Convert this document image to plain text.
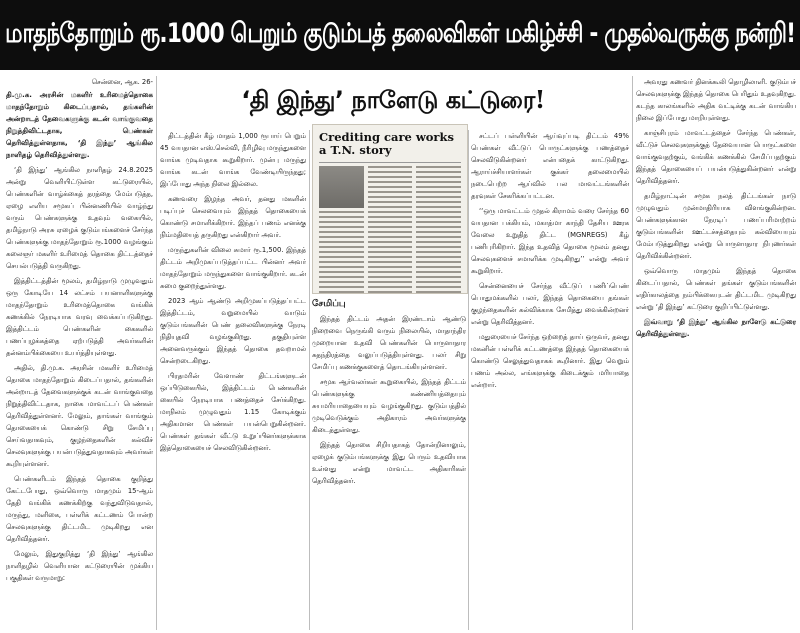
மாதந்தோறும் ரூ.1000 பெறும் குடும்பத் தலைவிகள் மகிழ்ச்சி - முதல்வருக்கு நன்றி!
‘தி இந்து’
நாளேடு கட்டுரை!

சென்னை, ஆக. 26-

தி.மு.க. அரசின் மகளிர் உரிமைத்தொகை மாதந்தோறும் கிடைப்பதால், தங்களின் அன்றாடத் தேவைகளுக்கு கடன் வாங்குவதை நிறுத்திவிட்டதாக, பெண்கள் தெரிவித்துள்ளதாக, ‘தி இந்து’ ஆங்கில நாளிதழ் தெரிவித்துள்ளது.

‘தி இந்து’ ஆங்கில நாளிதழ் 24.8.2025 அன்று வெளியிட்டுள்ள கட்டுரையில், பெண்களின் வாழ்க்கைத் தரத்தை மேம்படுத்த, ஏழை எளிய சமூகப் பின்னணியில் வாழ்ந்து வரும் பெண்களுக்கு உதவும் வகையில், தமிழ்நாடு அரசு ஏழைக் குடும்பங்களைச் சேர்ந்த பெண்களுக்கு மாதந்தோறும் ரூ.1000 வழங்கும் கலைஞர் மகளிர் உரிமைத் தொகை திட்டத்தைச் செயல்படுத்தி வருகிறது.

இத்திட்டத்தின் மூலம், தமிழ்நாடு முழுவதும் ஒரு கோடியே 14 லட்சம் பயனாளிகளுக்கு மாதந்தோறும் உரிமைத்தொகை வங்கிக் கணக்கில் நேரடியாக வரவு வைக்கப்படுகிறது. இத்திட்டம் பெண்களின் கைகளில் பணப்புழக்கத்தை ஏற்படுத்தி அவர்களின் தன்னம்பிக்கையை உயர்த்தியுள்ளது.

அதில், தி.மு.க. அரசின் மகளிர் உரிமைத் தொகை மாதந்தோறும் கிடைப்பதால், தங்களின் அன்றாடத் தேவைகளுக்குக் கடன் வாங்குவதை நிறுத்திவிட்டதாக, நாகை மாவட்டப் பெண்கள் தெரிவித்துள்ளனர். மேலும், தாங்கள் வாங்கும் தொகையைக் கொண்டு சிறு சேமிப்பு செய்வதாகவும், குழந்தைகளின் கல்விச் செலவுகளுக்கு பயன்படுத்துவதாகவும் அவர்கள் கூறியுள்ளனர்.

பெண்களிடம் இந்தத் தொகை குறித்து கேட்டபோது, ஒவ்வொரு மாதமும் 15-ஆம் தேதி வங்கிக் கணக்கிற்கு வந்துவிடுவதால், மருந்து, மளிகை, பள்ளிக் கட்டணம் போன்ற செலவுகளுக்கு திட்டமிட முடிகிறது என தெரிவித்தனர்.

மேலும், இதுகுறித்து ‘தி இந்து’ ஆங்கில நாளிதழில் வெளியான கட்டுரையின் முக்கிய பகுதிகள் வருமாறு:

திட்டத்தின் கீழ் மாதம் 1,000 ரூபாய் பெறும் 45 வயதான எஸ்.செல்வி, நீரிழிவு மருந்துகளை வாங்க முடிவதாக கூறுகிறார். முன்பு மருந்து வாங்க கடன் வாங்க வேண்டியிருந்தது; இப்போது அந்த நிலை இல்லை.

கணவரை இழந்த அவர், தனது மகளின் படிப்புச் செலவையும் இந்தத் தொகையைக் கொண்டு சமாளிக்கிறார். இந்தப் பணம் எனக்கு நிம்மதியைத் தருகிறது என்கிறார் அவர்.

மருந்துகளின் விலை சுமார் ரூ.1,500. இந்தத் திட்டம் அறிமுகப்படுத்தப்பட்ட பின்னர் அவர் மாதந்தோறும் மருந்துகளை வாங்குகிறார். கடன் சுமை குறைந்துள்ளது.

2023 ஆம் ஆண்டு அறிமுகப்படுத்தப்பட்ட இத்திட்டம், வறுமையில் வாடும் குடும்பங்களின் பெண் தலைவிகளுக்கு நேரடி நிதியுதவி வழங்குகிறது. தகுதியுள்ள அனைவருக்கும் இந்தத் தொகை தவறாமல் சென்றடைகிறது.

பிரதமரின் வேளாண் திட்டங்களுடன் ஒப்பிடுகையில், இத்திட்டம் பெண்களின் கையில் நேரடியாக பணத்தைச் சேர்க்கிறது. மாநிலம் முழுவதும் 1.15 கோடிக்கும் அதிகமான பெண்கள் பயன்பெறுகின்றனர். பெண்கள் தங்கள் வீட்டு உறுப்பினர்களுக்காக இத்தொகையைச் செலவிடுகின்றனர்.

Crediting care works a T.N. story

சேமிப்பு

இந்தத் திட்டம் அதன் இரண்டாம் ஆண்டு நிறைவை நெருங்கி வரும் நிலையில், மாதாந்திர முறையான உதவி பெண்களின் பொருளாதார சுதந்திரத்தை வலுப்படுத்தியுள்ளது. பலர் சிறு சேமிப்பு கணக்குகளைத் தொடங்கியுள்ளனர்.

சமூக ஆர்வலர்கள் கூறுகையில், இந்தத் திட்டம் பெண்களுக்கு கண்ணியத்தையும் சுயமரியாதையையும் வழங்குகிறது. குடும்பத்தில் முடிவெடுக்கும் அதிகாரம் அவர்களுக்கு கிடைத்துள்ளது.

இந்தத் தொகை சிறியதாகத் தோன்றினாலும், ஏழைக் குடும்பங்களுக்கு இது பெரும் உதவியாக உள்ளது என்று மாவட்ட அதிகாரிகள் தெரிவித்தனர்.

சட்டப் பள்ளியின் ஆய்வுப்படி திட்டம் 49% பெண்கள் வீட்டுப் பொருட்களுக்கு பணத்தைச் செலவிடுகின்றனர் என்பதைக் காட்டுகிறது. ஆராய்ச்சியாளர்கள் குக்கர் தலைமையில் நடைபெற்ற ஆய்வில் பல மாவட்டங்களின் தரவுகள் சேகரிக்கப்பட்டன.

‘‘ஒரு மாவட்டம் முதல் கிராமம் வரை சேர்ந்த 60 வயதான பக்கியம், மகாத்மா காந்தி தேசிய ஊரக வேலை உறுதித் திட்ட (MGNREGS) கீழ் பணிபுரிகிறார். இந்த உதவித் தொகை மூலம் தனது செலவுகளைச் சமாளிக்க முடிகிறது’’ என்று அவர் கூறுகிறார்.

சென்னையைச் சேர்ந்த வீட்டுப் பணிப்பெண் பொதுமக்களில் பலர், இந்தத் தொகையை தங்கள் குழந்தைகளின் கல்விக்காக சேமித்து வைக்கின்றனர் என்று தெரிவித்தனர்.

மதுரையைச் சேர்ந்த ஒற்றைத் தாய் ஒருவர், தனது மகனின் பள்ளிக் கட்டணத்தை இந்தத் தொகையைக் கொண்டு செலுத்துவதாகக் கூறினார். இது வெறும் பணம் அல்ல, எங்களுக்கு கிடைக்கும் மரியாதை என்றார்.

அவரது கணவர் தினக்கூலி தொழிலாளி. குடும்பச் செலவுகளுக்கு இந்தத் தொகை பெரிதும் உதவுகிறது. கடந்த காலங்களில் அதிக வட்டிக்கு கடன் வாங்கிய நிலை இப்போது மாறியுள்ளது.

காஞ்சிபுரம் மாவட்டத்தைச் சேர்ந்த பெண்கள், வீட்டுச் செலவுகளுக்குத் தேவையான பொருட்களை வாங்குவதற்கும், வங்கிக் கணக்கில் சேமிப்பதற்கும் இந்தத் தொகையைப் பயன்படுத்துகின்றனர் என்று தெரிவித்தனர்.

தமிழ்நாட்டின் சமூக நலத் திட்டங்கள் நாடு முழுவதும் முன்மாதிரியாக விளங்குகின்றன. பெண்களுக்கான நேரடிப் பணப்பரிமாற்றம் குடும்பங்களின் ஊட்டச்சத்தையும் கல்வியையும் மேம்படுத்துகிறது என்று பொருளாதார நிபுணர்கள் தெரிவிக்கின்றனர்.

ஒவ்வொரு மாதமும் இந்தத் தொகை கிடைப்பதால், பெண்கள் தங்கள் குடும்பங்களின் எதிர்காலத்தை நம்பிக்கையுடன் திட்டமிட முடிகிறது என்று ‘தி இந்து’ கட்டுரை குறிப்பிட்டுள்ளது.

இவ்வாறு ‘தி இந்து’ ஆங்கில நாளேடு கட்டுரை தெரிவித்துள்ளது.
